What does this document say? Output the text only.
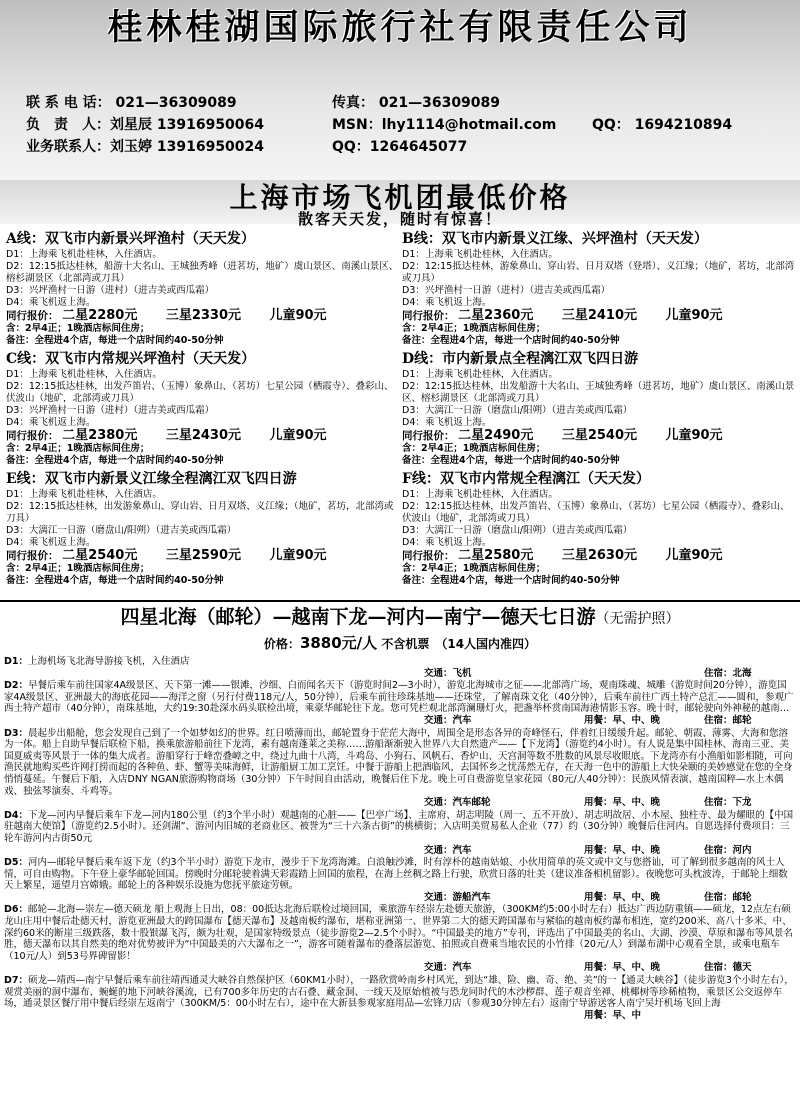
桂林桂湖国际旅行社有限责任公司
联 系 电 话： 021—36309089	传真： 021—36309089
负　责　人：刘星辰 13916950064	MSN：lhy1114@hotmail.com	QQ： 1694210894
业务联系人：刘玉婷 13916950024	QQ：1264645077
上海市场飞机团最低价格
散客天天发，随时有惊喜！
A线：双飞市内新景兴坪渔村（天天发）
D1：上海乘飞机赴桂林，入住酒店。
D2：12:15抵达桂林，船游十大名山、王城独秀峰（进茗坊，地矿）虞山景区、南溪山景区、榕杉湖景区（北部湾或刀具）
D3：兴坪渔村一日游（进村）（进吉美或西瓜霜）
D4：乘飞机返上海。
同行报价： 二星2280元 三星2330元 儿童90元
含：2早4正；1晚酒店标间住房；
备注：全程进4个店，每进一个店时间约40-50分钟
B线：双飞市内新景义江缘、兴坪渔村（天天发）
D1：上海乘飞机赴桂林，入住酒店。
D2：12:15抵达桂林，游象鼻山、穿山岩、日月双塔（登塔）、义江缘；（地矿，茗坊，北部湾或刀具）
D3：兴坪渔村一日游（进村）（进吉美或西瓜霜）
D4：乘飞机返上海。
同行报价： 二星2360元 三星2410元 儿童90元
含：2早4正；1晚酒店标间住房；
备注：全程进4个店，每进一个店时间约40-50分钟
C线：双飞市内常规兴坪渔村（天天发）
D1：上海乘飞机赴桂林，入住酒店。
D2：12:15抵达桂林，出发芦笛岩、（玉博）象鼻山、（茗坊）七星公园（栖霞寺）、叠彩山、伏波山（地矿，北部湾或刀具）
D3：兴坪渔村一日游（进村）（进吉美或西瓜霜）
D4：乘飞机返上海。
同行报价： 二星2380元 三星2430元 儿童90元
含：2早4正；1晚酒店标间住房；
备注：全程进4个店，每进一个店时间约40-50分钟
D线：市内新景点全程漓江双飞四日游
D1：上海乘飞机赴桂林，入住酒店。
D2：12:15抵达桂林，出发船游十大名山、王城独秀峰（进茗坊，地矿）虞山景区、南溪山景区、榕杉湖景区（北部湾或刀具）
D3：大漓江一日游（磨盘山/阳朔）（进吉美或西瓜霜）
D4：乘飞机返上海。
同行报价： 二星2490元 三星2540元 儿童90元
含：2早4正；1晚酒店标间住房；
备注：全程进4个店，每进一个店时间约40-50分钟
E线：双飞市内新景义江缘全程漓江双飞四日游
D1：上海乘飞机赴桂林，入住酒店。
D2：12:15抵达桂林，出发游象鼻山、穿山岩、日月双塔、义江缘；（地矿，茗坊，北部湾或刀具）
D3：大漓江一日游（磨盘山/阳朔）（进吉美或西瓜霜）
D4：乘飞机返上海。
同行报价： 二星2540元 三星2590元 儿童90元
含：2早4正；1晚酒店标间住房；
备注：全程进4个店，每进一个店时间约40-50分钟
F线：双飞市内常规全程漓江（天天发）
D1：上海乘飞机赴桂林，入住酒店。
D2：12:15抵达桂林，出发芦笛岩、（玉博）象鼻山、（茗坊）七星公园（栖霞寺）、叠彩山、伏波山（地矿，北部湾或刀具）
D3：大漓江一日游（磨盘山/阳朔）（进吉美或西瓜霜）
D4：乘飞机返上海。
同行报价： 二星2580元 三星2630元 儿童90元
含：2早4正；1晚酒店标间住房；
备注：全程进4个店，每进一个店时间约40-50分钟
四星北海（邮轮）—越南下龙—河内—南宁—德天七日游（无需护照）
价格：3880元/人 不含机票　（14人国内准四）
D1：上海机场飞北海导游接飞机，入住酒店
交通：飞机	住宿：北海
D2：早餐后乘车前往国家4A级景区、天下第一滩——银滩，沙细、白而闻名天下（游览时间2—3小时），游览北海城市之征——北部湾广场，观南珠魂、城雕（游览时间20分钟），游览国家4A级景区、亚洲最大的海底花园——海洋之窗（另行付费118元/人，50分钟），后乘车前往珍珠基地——还珠堂，了解南珠文化（40分钟），后乘车前往广西土特产总汇——圆和，参观广西土特产超市（40分钟），南珠基地，大约19:30赴深水码头联检出境，乘豪华邮轮往下龙。您可凭栏观北部湾澜珊灯火，把盏举杯赏南国海港情影玉容。晚十时，邮轮驶向外神秘的越南…
交通：汽车	用餐：早、中、晚	住宿：邮轮
D3：晨起步出船舱，您会发现自己到了一个如梦如幻的世界。红日喷薄而出，邮轮置身于茫茫大海中，周围全是形态各异的奇峰怪石，伴着红日缓缓升起。邮轮、朝霞、薄雾、大海和您溶为一体。船上自助早餐后联检下船，换乘旅游船前往下龙湾，素有越南蓬莱之美称……游船渐渐驶入世界八大自然遗产——【下龙湾】（游览约4小时）。有人说是集中国桂林、海南三亚、美国夏威夷等风景于一体的集大成者。游船穿行于峰峦叠嶂之中，绕过九曲十八湾，斗鸡岛、小狗石、风帆石、香炉山、天宫洞等数不胜数的风景尽收眼底。下龙湾亦有小渔船如影相随，可向渔民就地购买些许网打捞而起的各种鱼、虾、蟹等美味海鲜，让游船厨工加工烹饪。中餐于游船上把酒临风，去国怀乡之忧荡然无存，在天海一色中的游船上大快朵颐的美妙感觉在您的全身悄悄蔓延。午餐后下船，入店DNY NGAN旅游购物商场（30分钟）下午时间自由活动，晚餐后住下龙。晚上可自费游览皇家花园（80元/人40分钟）：民族风情表演、越南国粹—水上木偶戏、独弦琴演奏、斗鸡等。
交通：汽车邮轮	用餐：早、中、晚	住宿：下龙
D4：下龙—河内早餐后乘车下龙—河内180公里（约3个半小时）观越南的心脏——【巴亭广场】、主席府、胡志明陵（周一、五不开放）、胡志明故居、小木屋、独柱寺、最为耀眼的【中国驻越南大使馆】（游览约2.5小时）。还剑湖”、游河内旧城的老商业区、被誉为“三十六条古街”的桃横街；入店明美贸易私人企业（77）约（30分钟）晚餐后住河内。自愿选择付费项目：三轮车游河内古街50元
交通：汽车	用餐：早、中、晚	住宿：河内
D5：河内—邮轮早餐后乘车返下龙（约3个半小时）游览下龙市，漫步于下龙湾海滩。白浪触沙滩，时有淳朴的越南姑娘、小伙用简单的英文或中文与您搭讪，可了解到很多越南的风土人情，可自由购物。下午登上豪华邮轮回国。傍晚时分邮轮驶着满天彩霞踏上回国的旅程，在海上丝稠之路上行驶，欣赏日落的壮美（建议准备相机留影）。夜晚您可头枕波涛，于邮轮上细数天上繁星，遥望月宫嫦娥。邮轮上的各种娱乐设施为您抚平旅途劳顿。
交通：游船汽车	用餐：早、中、晚	住宿：邮轮
D6：邮轮—北海—崇左—德天硕龙 船上观海上日出，08：00抵达北海后联检过境回国，乘旅游车经崇左赴德天旅游，（300KM约5:00小时左右）抵达广西边防重镇——硕龙，12点左右硕龙山庄用中餐后赴德天村，游览亚洲最大的跨国瀑布【德天瀑布】及越南板约瀑布，堪称亚洲第一、世界第二大的德天跨国瀑布与紧临的越南板约瀑布相连，宽约200米、高八十多米、中、深约60米的断崖三级跌落，数十股银瀑飞泻，颇为壮观，是国家特级景点（徒步游览2—2.5个小时）。“中国最美的地方”专刊，评选出了中国最美的名山、大湖、沙漠、草原和瀑布等风景名胜，德天瀑布以其自然美的绝对优势被评为“中国最美的六大瀑布之一”，游客可随着瀑布的叠落层游览、拍照或自费乘当地农民的小竹排（20元/人）到瀑布湖中心观看全景，或乘电瓶车（10元/人）到53号界碑留影！
交通：汽车	用餐：早、中、晚	住宿：德天
D7：硕龙—靖西—南宁早餐后乘车前往靖西通灵大峡谷自然保护区（60KM1小时），一路欣赏岭南乡村风光，到达“雄、险、幽、奇、绝、美”的一【通灵大峡谷】（徒步游览3个小时左右），观赏美丽的洞中瀑布、蜿蜒的地下河峡谷溪流，已有700多年历史的古石叠、藏金洞、一线天及原始植被与恐龙同时代的木沙椤群、莲子观音坐禅、桃椰树等珍稀植物，乘景区公交返停车场，通灵景区餐厅用中餐后经崇左返南宁（300KM/5：00小时左右），途中在大新县参观家庭用品—宏锋刀店（参观30分钟左右）返南宁导游送客人南宁吴圩机场飞回上海
用餐：早、中
